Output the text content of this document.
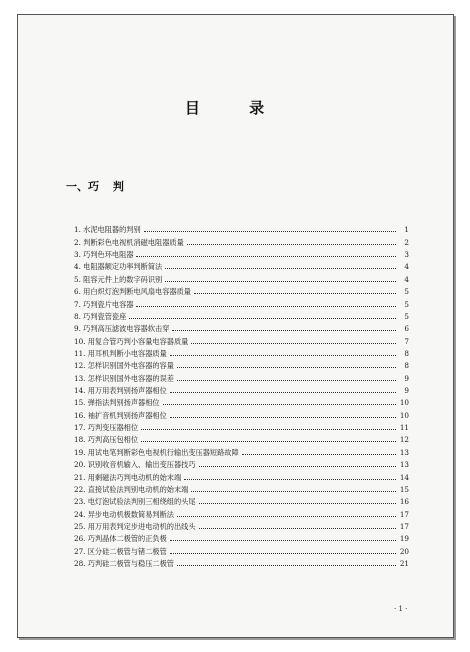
目 录
一、巧 判
1. 水泥电阻器的判别	1
2. 判断彩色电视机消磁电阻器质量	2
3. 巧判色环电阻器	3
4. 电阻器额定功率判断简法	4
5. 阻容元件上的数字码识别	4
6. 用白炽灯泡判断电风扇电容器质量	5
7. 巧判瓷片电容器	5
8. 巧判瓷管瓷座	5
9. 巧判高压滤波电容器软击穿	6
10. 用复合管巧判小容量电容器质量	7
11. 用耳机判断小电容器质量	8
12. 怎样识别国外电容器的容量	8
13. 怎样识别国外电容器的误差	9
14. 用万用表判别扬声器相位	9
15. 弹指法判别扬声器相位	10
16. 袖扩音机判别扬声器相位	10
17. 巧判变压器相位	11
18. 巧判高压包相位	12
19. 用试电笔判断彩色电视机行输出变压器短路故障	13
20. 识别收音机输入、输出变压器技巧	13
21. 用剩磁法巧判电动机的始末端	14
22. 直接试验法判别电动机的始末端	15
23. 电灯泡试验法判别三相绕组的头尾	16
24. 异步电动机极数简易判断法	17
25. 用万用表判定步进电动机的出线头	17
26. 巧判晶体二极管的正负极	19
27. 区分硅二极管与锗二极管	20
28. 巧判硅二极管与稳压二极管	21
· 1 ·
